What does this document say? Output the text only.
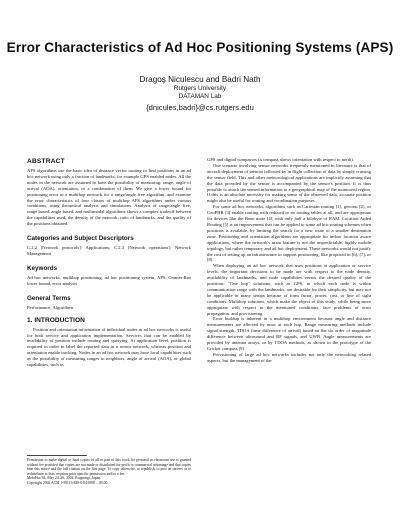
Error Characteristics of Ad Hoc Positioning Systems (APS)
Dragoş Niculescu and Badri Nath
Rutgers University
DATAMAN Lab
{dnicules,badri}@cs.rutgers.edu
ABSTRACT

APS algorithms use the basic idea of distance vector routing to find positions in an ad hoc network using only a fraction of landmarks, for example GPS enabled nodes. All the nodes in the network are assumed to have the possibility of measuring: range, angle of arrival (AOA), orientation, or a combination of them. We give a lower bound for positioning error in a multihop network for a range/angle free algorithm, and examine the error characteristics of four classes of multihop APS algorithms under various conditions, using theoretical analysis and simulations. Analysis of range/angle free, range based, angle based, and multimodal algorithms shows a complex tradeoff between the capabilities used, the density of the network, ratio of landmarks, and the quality of the positions obtained.

Categories and Subject Descriptors

C.2.2 [Network protocols]: Applications; C.2.3 [Network operations]: Network Management

Keywords

Ad hoc networks, multihop positioning, ad hoc positioning system, APS, Cramér-Rao lower bound, error analysis

General Terms

Performance, Algorithms

1. INTRODUCTION

Position and orientation information of individual nodes in ad hoc networks is useful for both service and application implementation. Services that can be enabled by availability of position include routing and querying. At application level, position is required in order to label the reported data in a sensor network, whereas position and orientation enable tracking. Nodes in an ad hoc network may have local capabilities such as the possibility of measuring ranges to neighbors, angle of arrival (AOA), or global capabilities, such as

Permission to make digital or hard copies of all or part of this work for personal or classroom use is granted without fee provided that copies are not made or distributed for profit or commercial advantage and that copies bear this notice and the full citation on the first page. To copy otherwise, to republish, to post on servers or to redistribute to lists, requires prior specific permission and/or a fee.

MobiHoc'04, May 24–26, 2004, Roppongi, Japan.

Copyright 2004 ACM 1-58113-849-0/04/0005 ...$5.00.

GPS and digital compasses (a compass shows orientation with respect to north).

One scenario involving sensor networks frequently mentioned in literature is that of aircraft deployment of sensors followed by in flight collection of data by simply cruising the sensor field. This and other meteorological applications are implicitly assuming that the data provided by the sensor is accompanied by the sensor's position. It is thus possible to attach the sensed information to a geographical map of the monitored region. If this is an absolute necessity for making sense of the observed data, accurate position might also be useful for routing and coordination purposes.

For some ad hoc networks, algorithms such as Cartesian routing [1], geocast [2], or GeoPHR [3] enable routing with reduced or no routing tables at all, and are appropriate for devices like the Rene mote [4], with only half a kilobyte of RAM. Location Aided Routing [5] is an improvement that can be applied to some ad hoc routing schemes when positions is available, by limiting the search for a new route to a smaller destination zone. Positioning and orientation algorithms are appropriate for indoor location aware applications, where the network's main feature is not the unpredictable, highly mobile topology, but rather temporary and ad hoc deployment. These networks would not justify the cost of setting up an infrastructure to support positioning, like proposed in [6], [7], or [8].

When deploying an ad hoc network that uses positions at application or service levels, the important decisions to be made are with respect to the node density, availability of landmarks, and node capabilities versus the desired quality of the positions. "One hop" solutions, such as GPS, in which each node is within communication range with the landmarks, are desirable for their simplicity, but may not be applicable in many setups because of form factor, power, cost, or line of sight conditions. Multihop solutions, which make the object of this study, while being more appropriate with respect to the mentioned conditions, face problems of error propagation, and provisioning.

Error buildup is inherent in a multihop environment because angle and distance measurements are affected by error at each hop. Range measuring methods include signal strength, TDOA (time difference of arrival) based on the six order of magnitude difference between ultrasound and RF signals, and UWB. Angle measurements are provided by antenna arrays, or by TDOA methods, as shown in the prototype of the Cricket compass [9].

Provisioning of large ad hoc networks includes not only the networking related aspects, but the management of the
